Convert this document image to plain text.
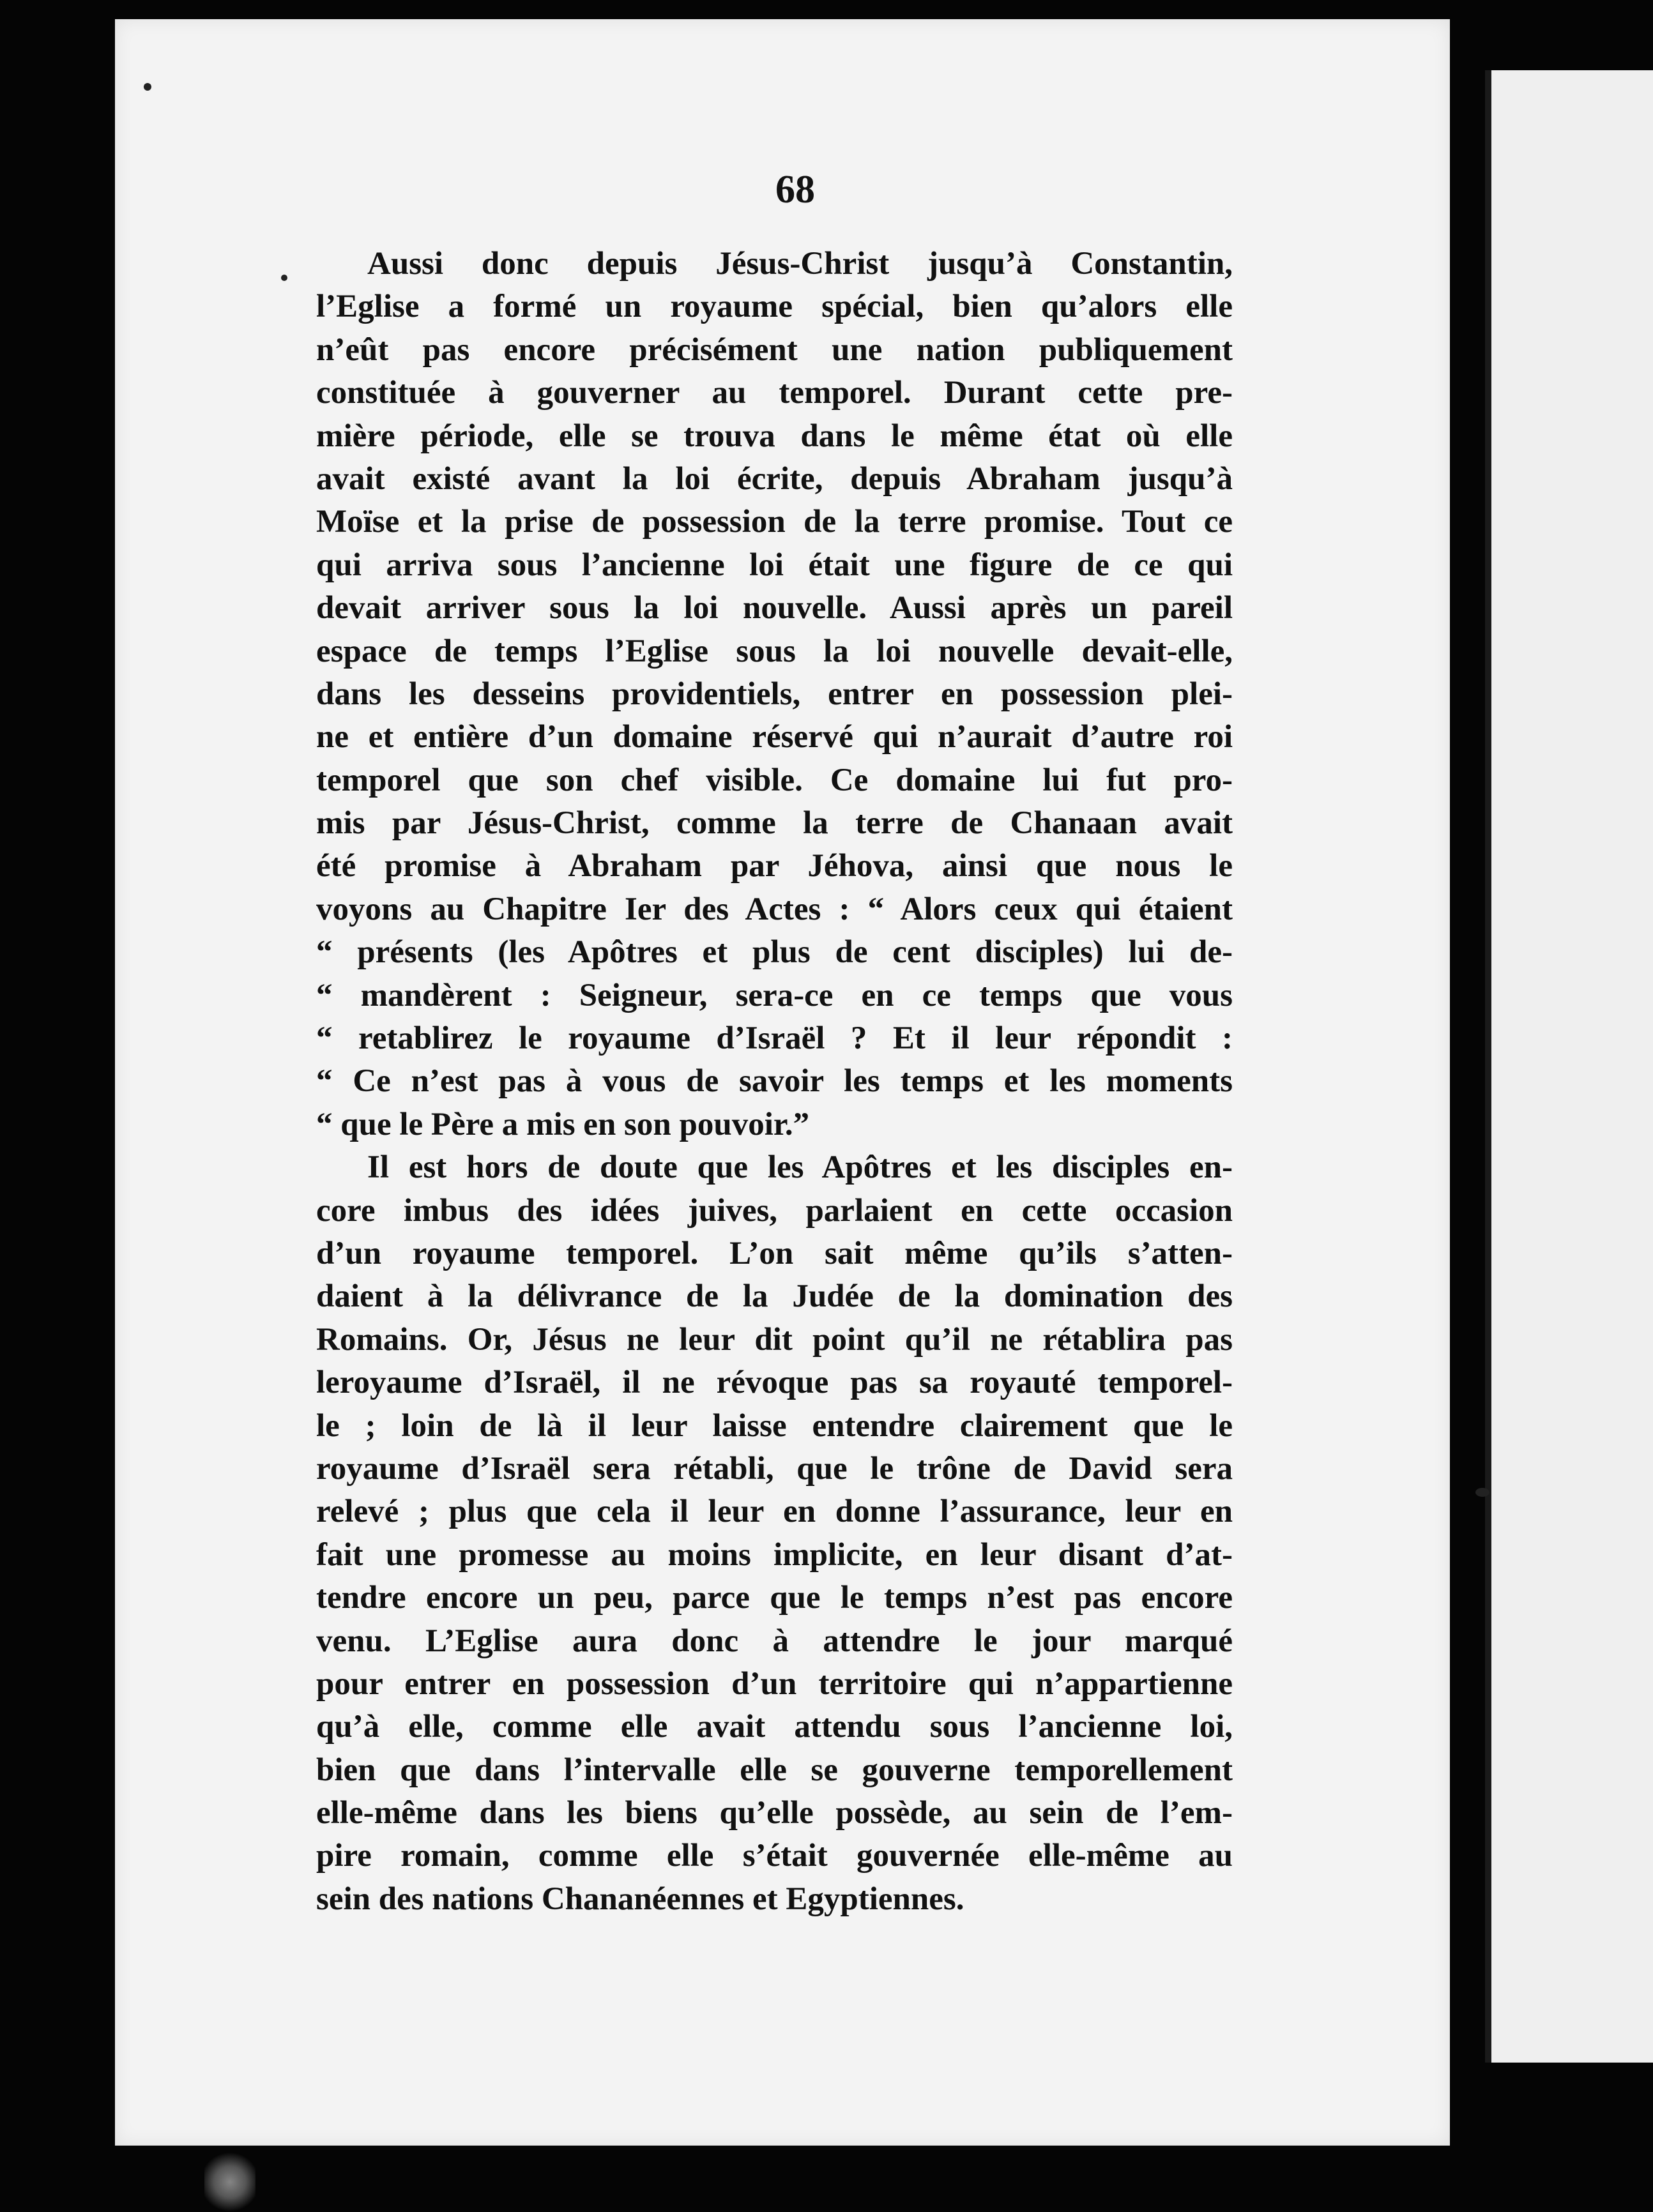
68
Aussi donc depuis Jésus-Christ jusqu’à Constantin,
l’Eglise a formé un royaume spécial, bien qu’alors elle
n’eût pas encore précisément une nation publiquement
constituée à gouverner au temporel. Durant cette pre-
mière période, elle se trouva dans le même état où elle
avait existé avant la loi écrite, depuis Abraham jusqu’à
Moïse et la prise de possession de la terre promise. Tout ce
qui arriva sous l’ancienne loi était une figure de ce qui
devait arriver sous la loi nouvelle. Aussi après un pareil
espace de temps l’Eglise sous la loi nouvelle devait-elle,
dans les desseins providentiels, entrer en possession plei-
ne et entière d’un domaine réservé qui n’aurait d’autre roi
temporel que son chef visible. Ce domaine lui fut pro-
mis par Jésus-Christ, comme la terre de Chanaan avait
été promise à Abraham par Jéhova, ainsi que nous le
voyons au Chapitre Ier des Actes : “ Alors ceux qui étaient
“ présents (les Apôtres et plus de cent disciples) lui de-
“ mandèrent : Seigneur, sera-ce en ce temps que vous
“ retablirez le royaume d’Israël ? Et il leur répondit :
“ Ce n’est pas à vous de savoir les temps et les moments
“ que le Père a mis en son pouvoir.”
Il est hors de doute que les Apôtres et les disciples en-
core imbus des idées juives, parlaient en cette occasion
d’un royaume temporel. L’on sait même qu’ils s’atten-
daient à la délivrance de la Judée de la domination des
Romains. Or, Jésus ne leur dit point qu’il ne rétablira pas
leroyaume d’Israël, il ne révoque pas sa royauté temporel-
le ; loin de là il leur laisse entendre clairement que le
royaume d’Israël sera rétabli, que le trône de David sera
relevé ; plus que cela il leur en donne l’assurance, leur en
fait une promesse au moins implicite, en leur disant d’at-
tendre encore un peu, parce que le temps n’est pas encore
venu. L’Eglise aura donc à attendre le jour marqué
pour entrer en possession d’un territoire qui n’appartienne
qu’à elle, comme elle avait attendu sous l’ancienne loi,
bien que dans l’intervalle elle se gouverne temporellement
elle-même dans les biens qu’elle possède, au sein de l’em-
pire romain, comme elle s’était gouvernée elle-même au
sein des nations Chananéennes et Egyptiennes.
